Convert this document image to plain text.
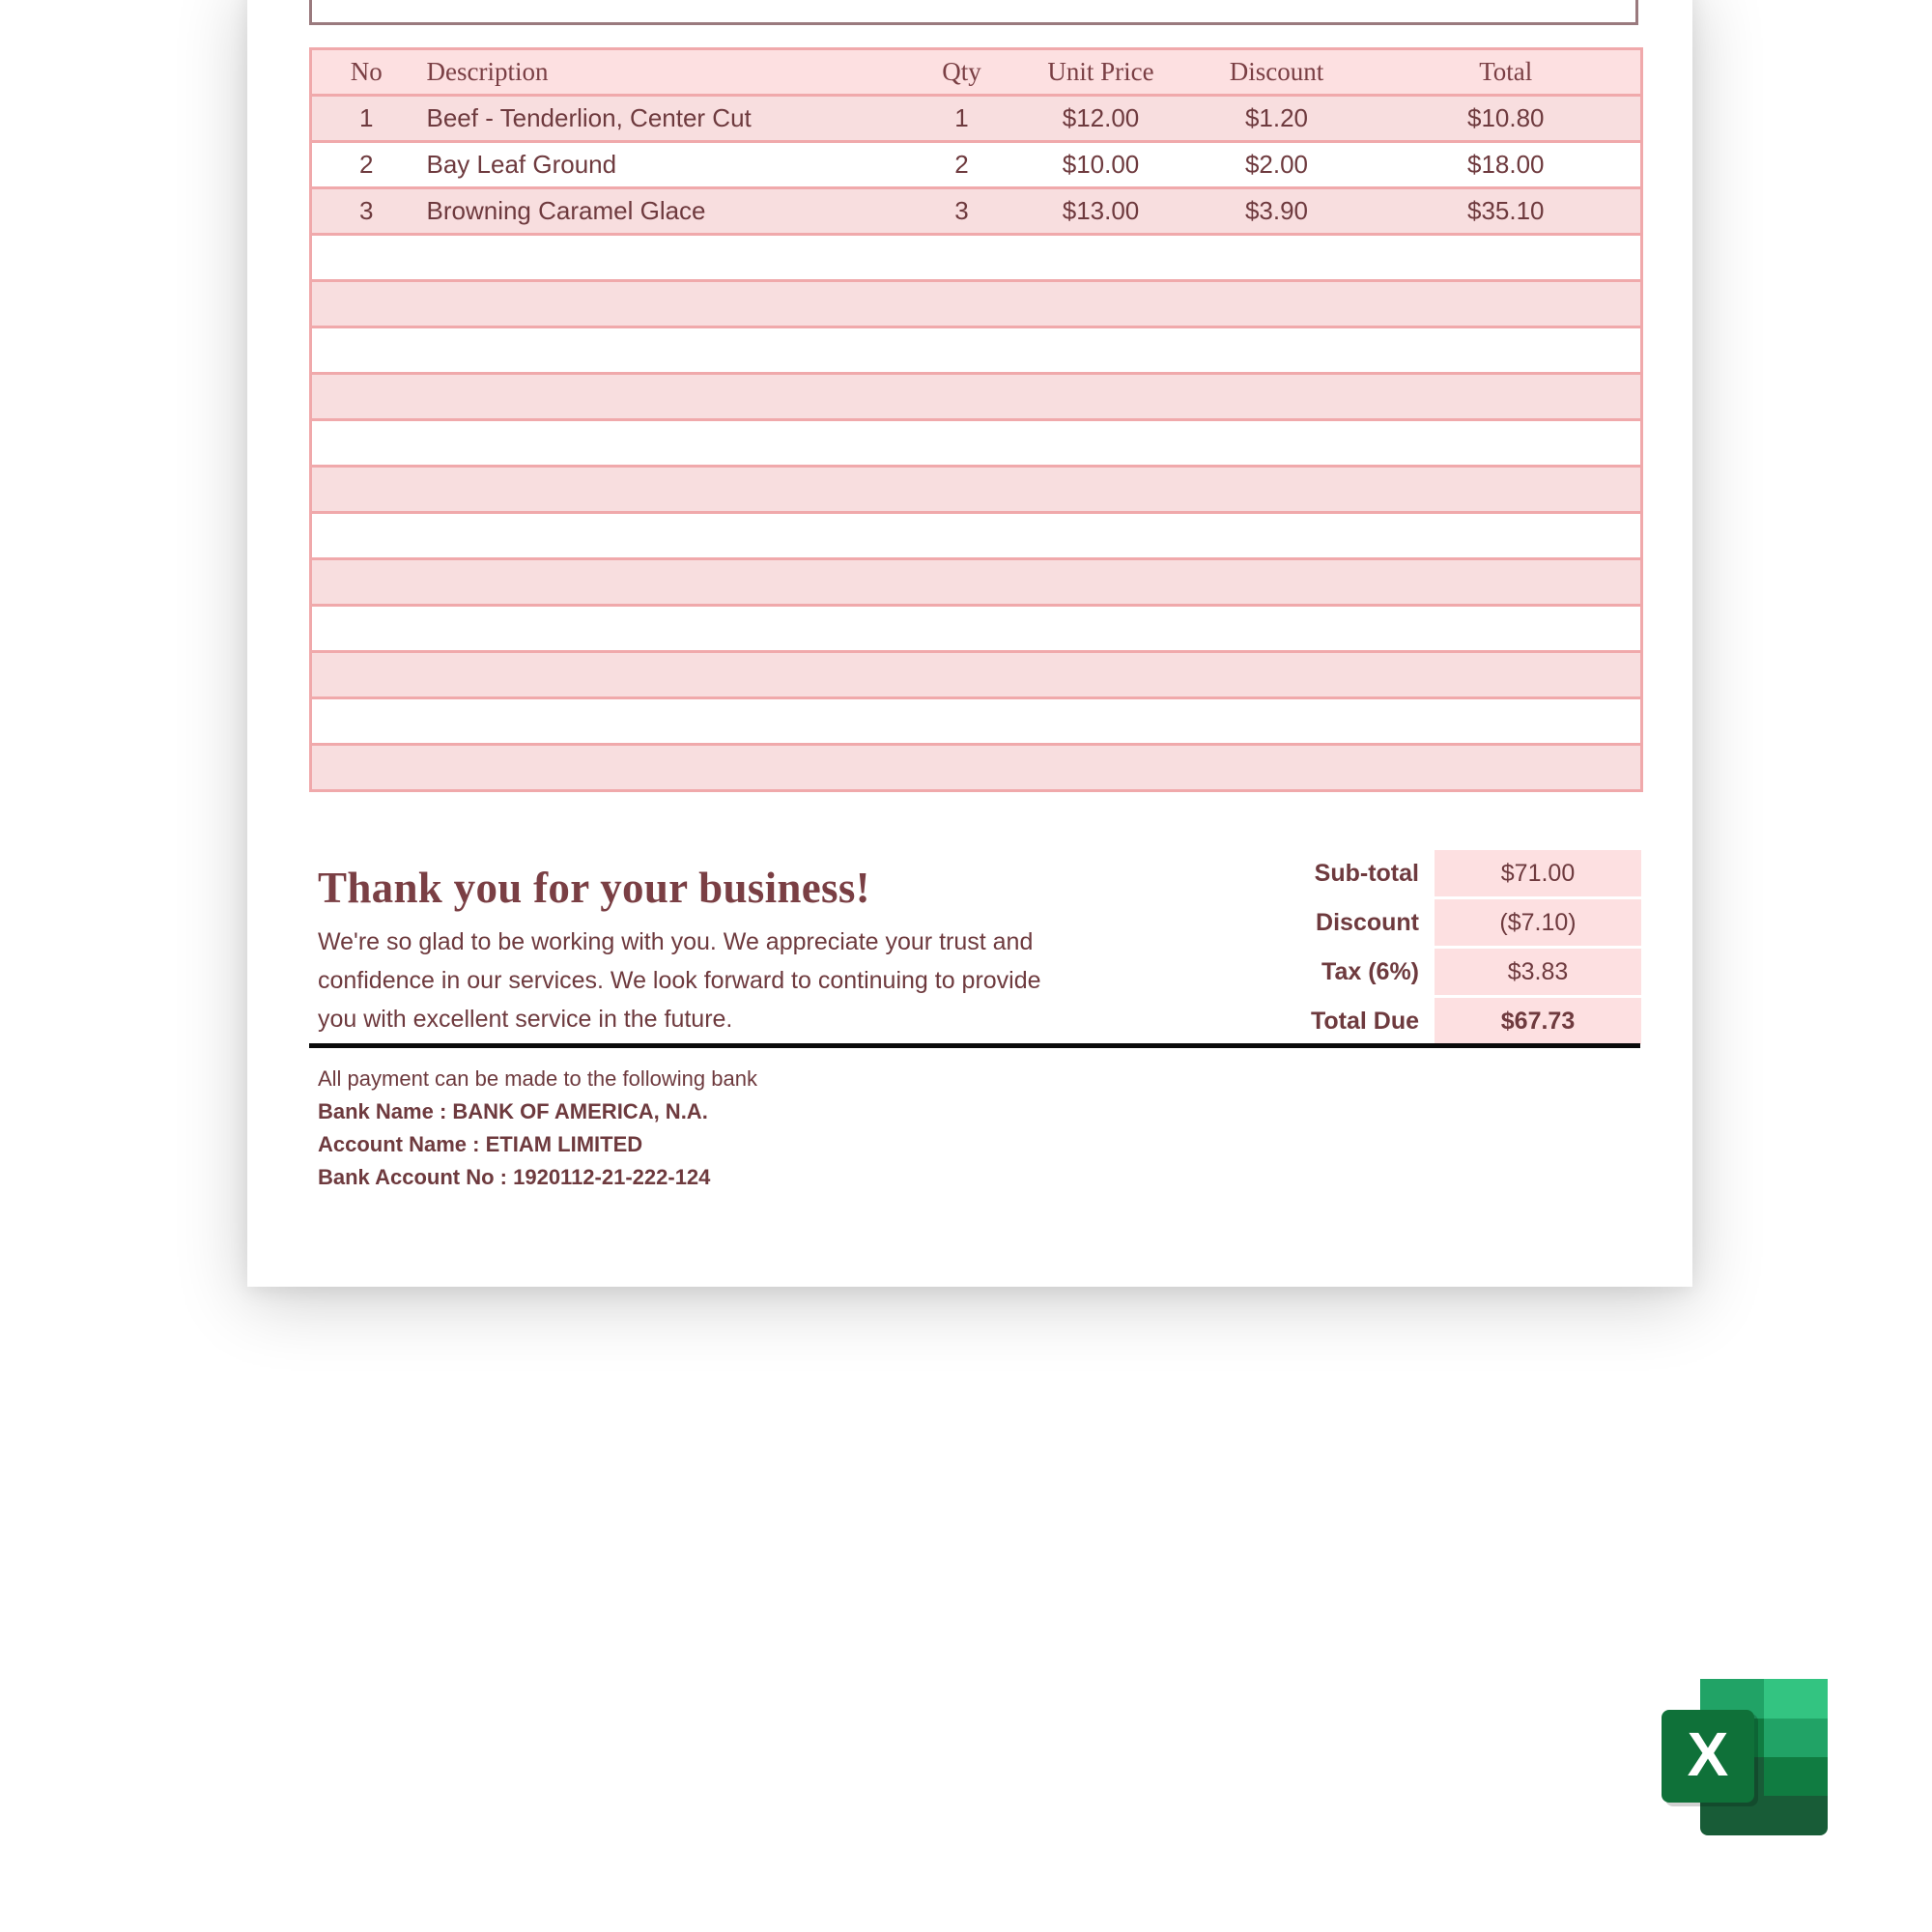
No	Description	Qty	Unit Price	Discount	Total
1	Beef - Tenderlion, Center Cut	1	$12.00	$1.20	$10.80
2	Bay Leaf Ground	2	$10.00	$2.00	$18.00
3	Browning Caramel Glace	3	$13.00	$3.90	$35.10

Thank you for your business!

We're so glad to be working with you. We appreciate your trust and
confidence in our services. We look forward to continuing to provide
you with excellent service in the future.

Sub-total	$71.00
Discount	($7.10)
Tax (6%)	$3.83
Total Due	$67.73
All payment can be made to the following bank
Bank Name : BANK OF AMERICA, N.A.
Account Name : ETIAM LIMITED
Bank Account No : 1920112-21-222-124
X
